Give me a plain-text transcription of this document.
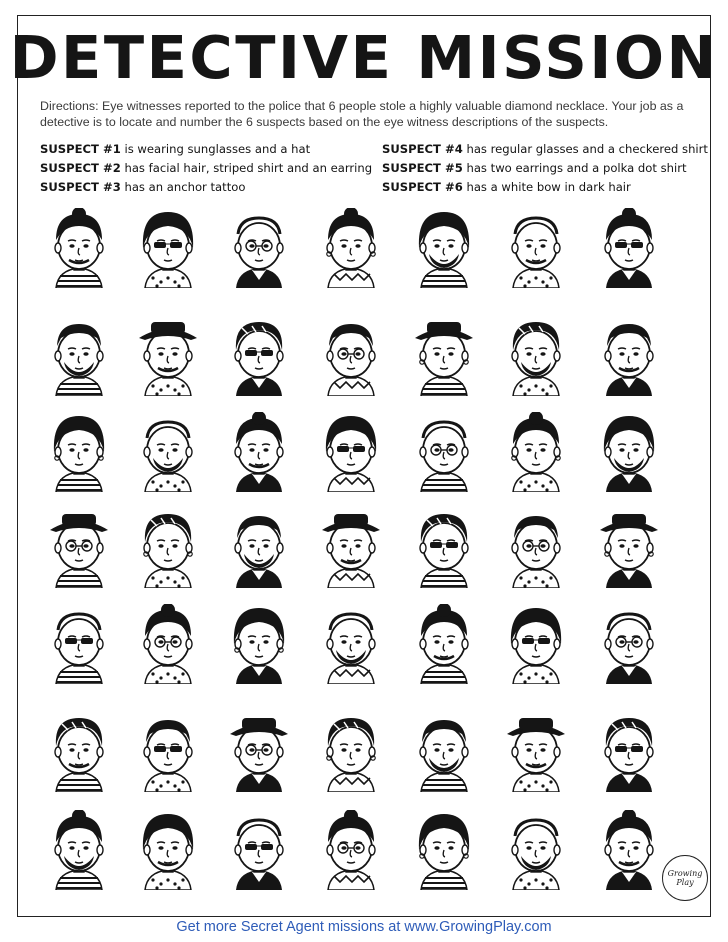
DETECTIVE MISSION

Directions: Eye witnesses reported to the police that 6 people stole a highly valuable diamond necklace. Your job as a detective is to locate and number the 6 suspects based on the eye witness descriptions of the suspects.

SUSPECT #1 is wearing sunglasses and a hat
SUSPECT #2 has facial hair, striped shirt and an earring
SUSPECT #3 has an anchor tattoo
SUSPECT #4 has regular glasses and a checkered shirt
SUSPECT #5 has two earrings and a polka dot shirt
SUSPECT #6 has a white bow in dark hair
Get more Secret Agent missions at www.GrowingPlay.com
Growing
Play
